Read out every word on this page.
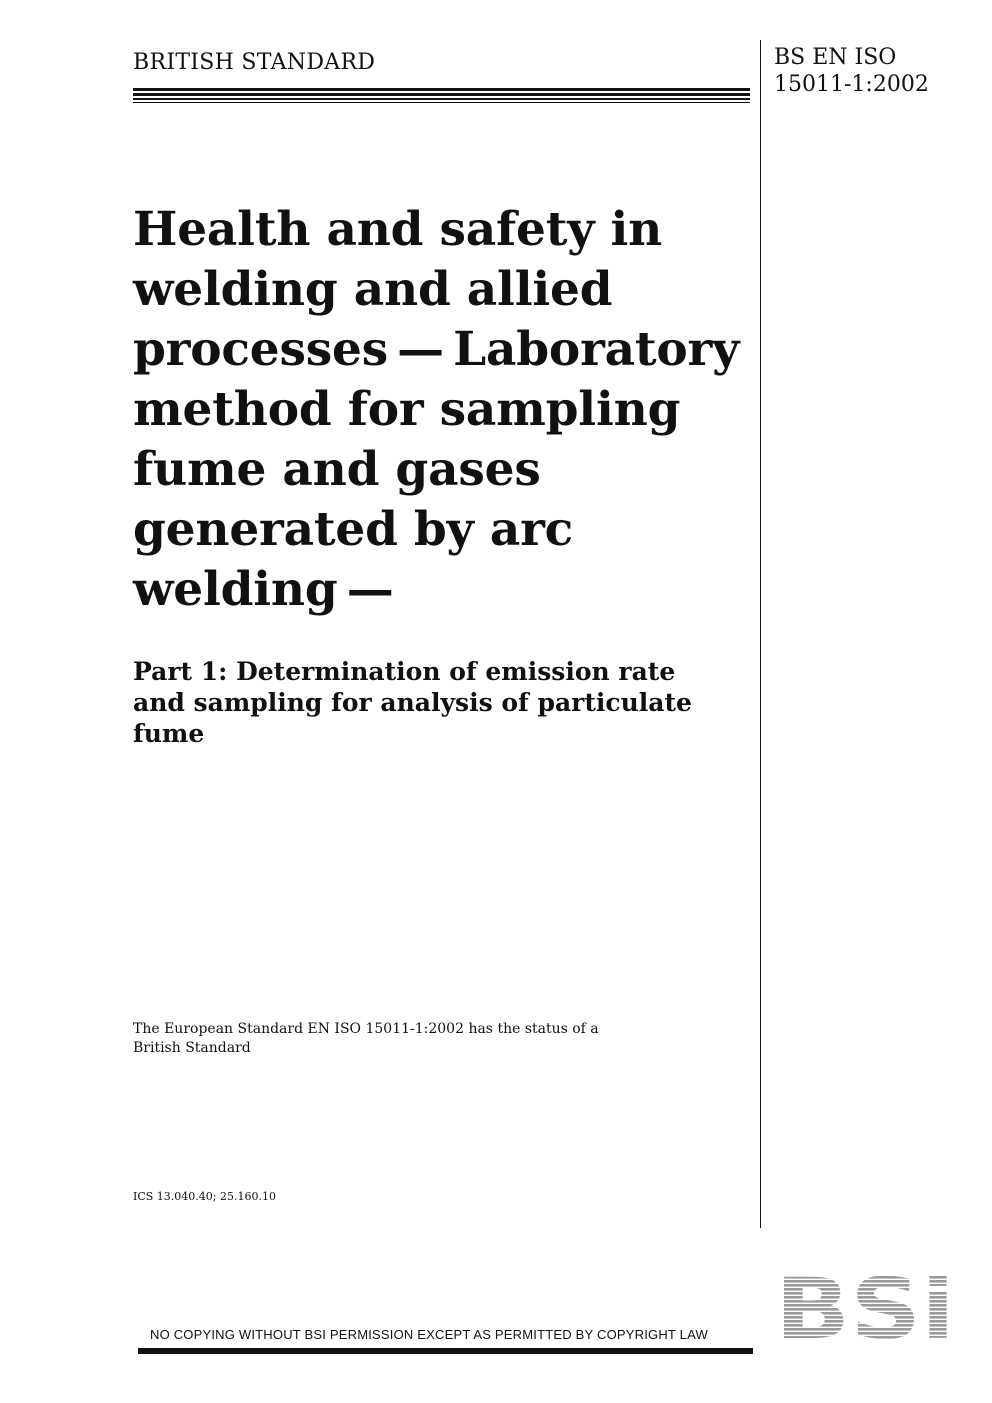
BRITISH STANDARD	BS EN ISO
15011-1:2002
Health and safety in
welding and allied
processes — Laboratory
method for sampling
fume and gases
generated by arc
welding —
Part 1: Determination of emission rate
and sampling for analysis of particulate
fume
The European Standard EN ISO 15011-1:2002 has the status of a
British Standard
ICS 13.040.40; 25.160.10
BSi
NO COPYING WITHOUT BSI PERMISSION EXCEPT AS PERMITTED BY COPYRIGHT LAW
